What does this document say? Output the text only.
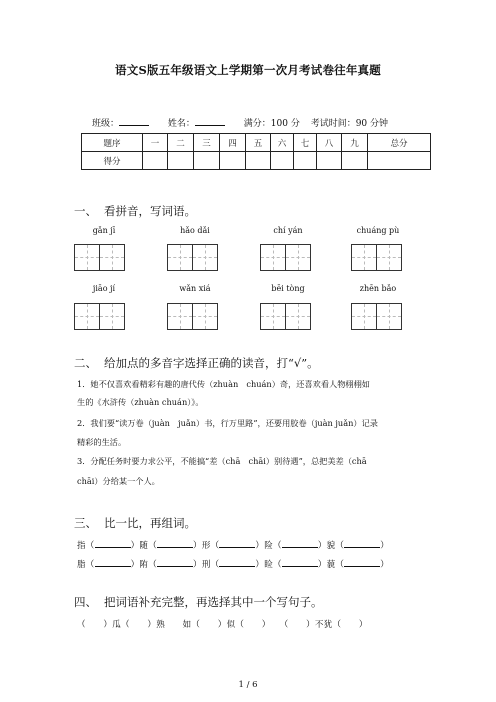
语文S版五年级语文上学期第一次月考试卷往年真题
班级：	姓名：	满分：100 分 考试时间：90 分钟
题序	一	二	三	四	五	六	七	八	九	总分
得分										
一、 看拼音，写词语。
gǎn jī	hǎo dǎi	chí yán	chuáng pù
jiāo jí	wǎn xiá	bēi tòng	zhēn bǎo
二、 给加点的多音字选择正确的读音，打“√”。
1．她不仅喜欢看精彩有趣的唐代传（zhuàn　chuán）奇，还喜欢看人物栩栩如
生的《水浒传（zhuàn chuán）》。
2．我们要“读万卷（juàn　juǎn）书，行万里路”，还要用胶卷（juàn juǎn）记录
精彩的生活。
3．分配任务时要力求公平，不能搞“差（chā　chāi）别待遇”，总把美差（chā
chāi）分给某一个人。
三、 比一比，再组词。
指（	）随（	）形（	）险（	）貌（	）
脂（	）陏（	）刑（	）睑（	）藐（	）
四、 把词语补充完整，再选择其中一个写句子。
（　　）瓜（　　）熟　　如（　　）似（　　）　　（　　）不犹（　　）
1 / 6
